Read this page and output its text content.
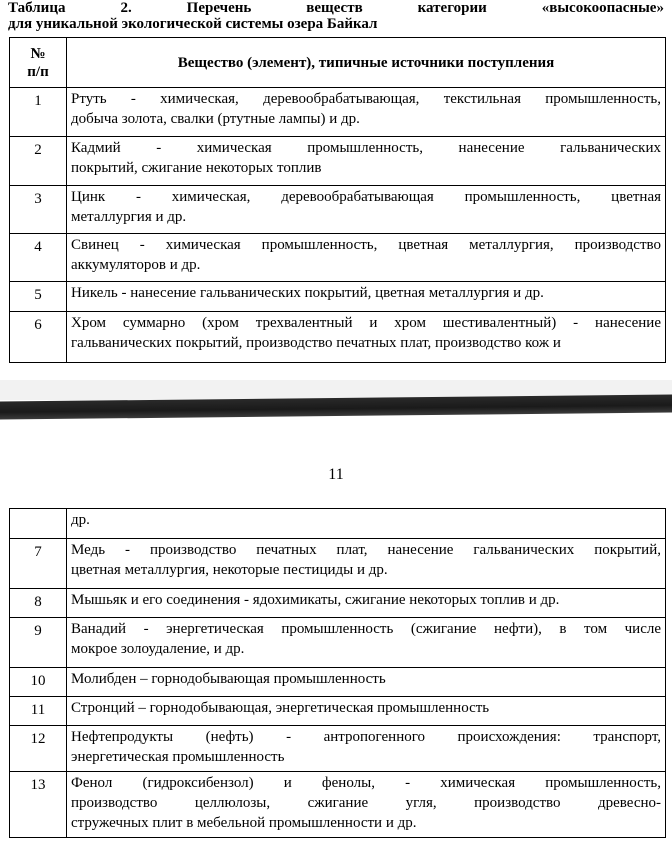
Таблица	2.	Перечень	веществ	категории	«высокоопасные»
для уникальной экологической системы озера Байкал
№ п/п	Вещество (элемент), типичные источники поступления
1	Ртуть - химическая, деревообрабатывающая, текстильная промышленность,
добыча золота, свалки (ртутные лампы) и др.

2	Кадмий - химическая промышленность, нанесение гальванических
покрытий, сжигание некоторых топлив

3	Цинк - химическая, деревообрабатывающая промышленность, цветная
металлургия и др.

4	Свинец - химическая промышленность, цветная металлургия, производство
аккумуляторов и др.

5	Никель - нанесение гальванических покрытий, цветная металлургия и др.

6	Хром суммарно (хром трехвалентный и хром шестивалентный) - нанесение
гальванических покрытий, производство печатных плат, производство кож и
11
	др.
7	Медь - производство печатных плат, нанесение гальванических покрытий,
цветная металлургия, некоторые пестициды и др.

8	Мышьяк и его соединения - ядохимикаты, сжигание некоторых топлив и др.

9	Ванадий - энергетическая промышленность (сжигание нефти), в том числе
мокрое золоудаление, и др.

10	Молибден – горнодобывающая промышленность

11	Стронций – горнодобывающая, энергетическая промышленность

12	Нефтепродукты (нефть) - антропогенного происхождения: транспорт,
энергетическая промышленность

13	Фенол (гидроксибензол) и фенолы, - химическая промышленность,
производство целлюлозы, сжигание угля, производство древесно-
стружечных плит в мебельной промышленности и др.
